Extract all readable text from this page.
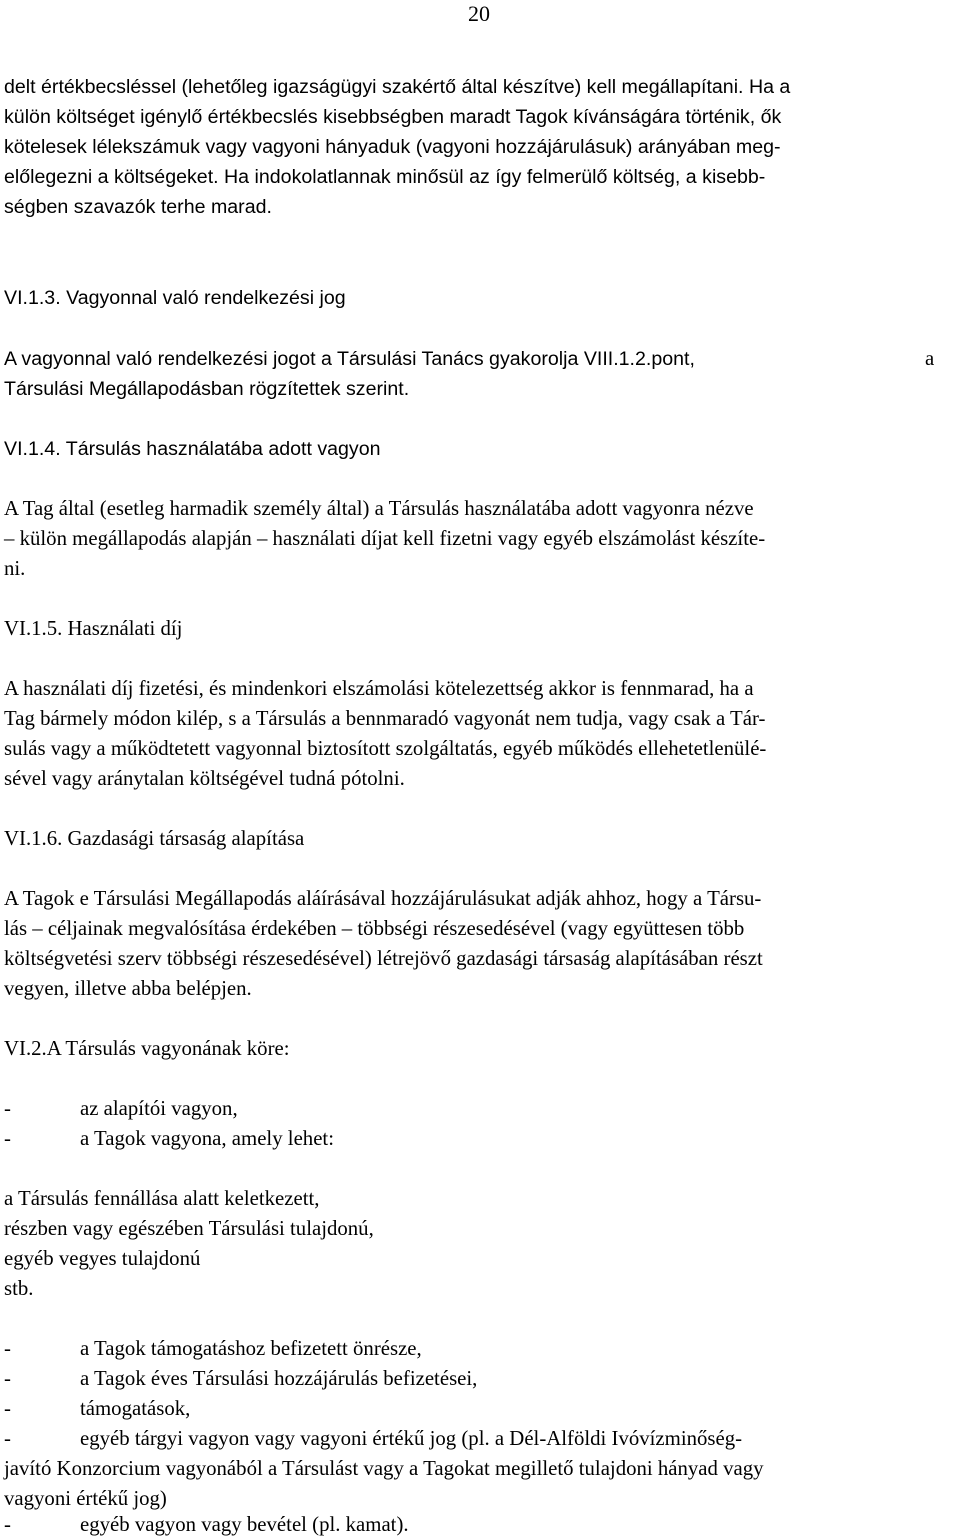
20
delt értékbecsléssel (lehetőleg igazságügyi szakértő által készítve) kell megállapítani. Ha a
külön költséget igénylő értékbecslés kisebbségben maradt Tagok kívánságára történik, ők
kötelesek lélekszámuk vagy vagyoni hányaduk (vagyoni hozzájárulásuk) arányában meg-
előlegezni a költségeket. Ha indokolatlannak minősül az így felmerülő költség, a kisebb-
ségben szavazók terhe marad.
VI.1.3. Vagyonnal való rendelkezési jog
A vagyonnal való rendelkezési jogot a Társulási Tanács gyakorolja VIII.1.2.pont,	a
Társulási Megállapodásban rögzítettek szerint.
VI.1.4. Társulás használatába adott vagyon
A Tag által (esetleg harmadik személy által) a Társulás használatába adott vagyonra nézve
– külön megállapodás alapján – használati díjat kell fizetni vagy egyéb elszámolást készíte-
ni.
VI.1.5. Használati díj
A használati díj fizetési, és mindenkori elszámolási kötelezettség akkor is fennmarad, ha a
Tag bármely módon kilép, s a Társulás a bennmaradó vagyonát nem tudja, vagy csak a Tár-
sulás vagy a működtetett vagyonnal biztosított szolgáltatás, egyéb működés ellehetetlenülé-
sével vagy aránytalan költségével tudná pótolni.
VI.1.6. Gazdasági társaság alapítása
A Tagok e Társulási Megállapodás aláírásával hozzájárulásukat adják ahhoz, hogy a Társu-
lás – céljainak megvalósítása érdekében – többségi részesedésével (vagy együttesen több
költségvetési szerv többségi részesedésével) létrejövő gazdasági társaság alapításában részt
vegyen, illetve abba belépjen.
VI.2.A Társulás vagyonának köre:
-	az alapítói vagyon,
-	a Tagok vagyona, amely lehet:
a Társulás fennállása alatt keletkezett,
részben vagy egészében Társulási tulajdonú,
egyéb vegyes tulajdonú
stb.
-	a Tagok támogatáshoz befizetett önrésze,
-	a Tagok éves Társulási hozzájárulás befizetései,
-	támogatások,
-	egyéb tárgyi vagyon vagy vagyoni értékű jog (pl. a Dél-Alföldi Ivóvízminőség-
javító Konzorcium vagyonából a Társulást vagy a Tagokat megillető tulajdoni hányad vagy
vagyoni értékű jog)
-	egyéb vagyon vagy bevétel (pl. kamat).
